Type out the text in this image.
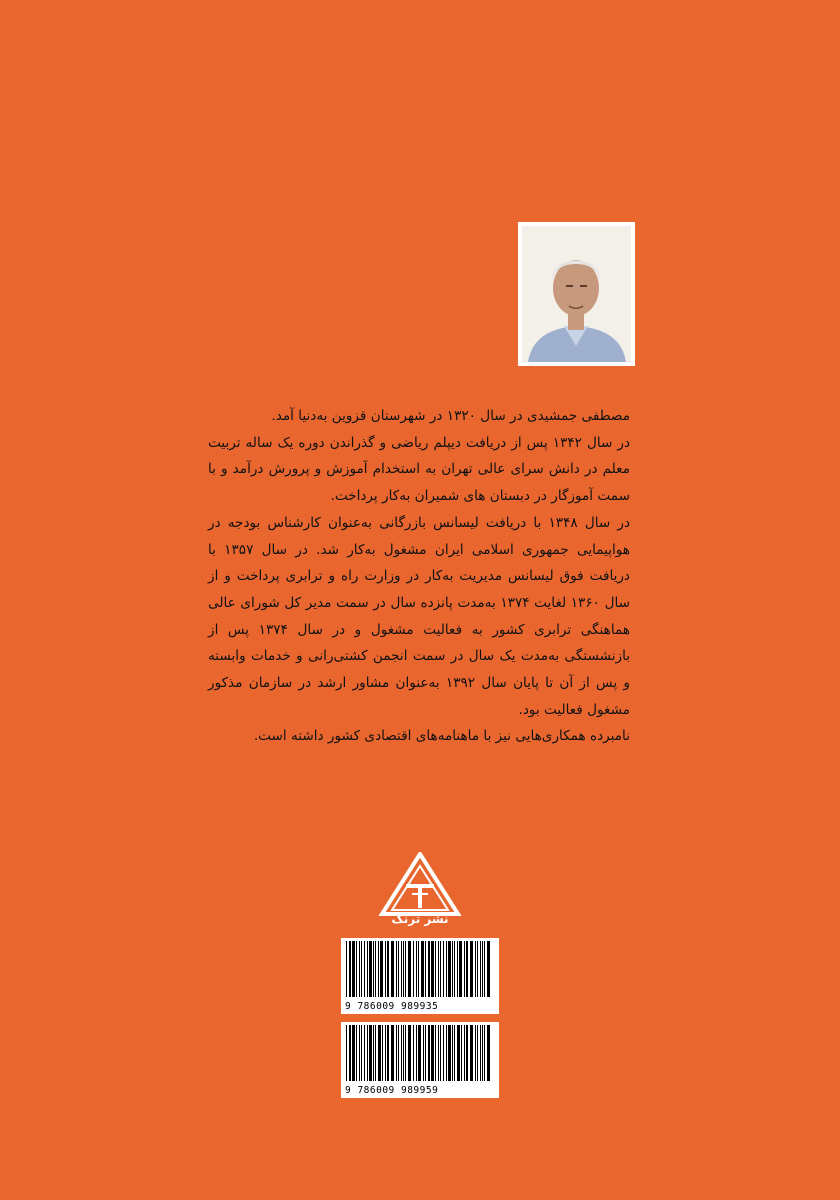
مصطفی جمشیدی در سال ۱۳۲۰ در شهرستان قزوین به‌دنیا آمد.

در سال ۱۳۴۲ پس از دریافت دیپلم ریاضی و گذراندن دوره یک ساله تربیت معلم در دانش سرای عالی تهران به استخدام آموزش و پرورش درآمد و با سمت آموزگار در دبستان های شمیران به‌کار پرداخت.

در سال ۱۳۴۸ با دریافت لیسانس بازرگانی به‌عنوان کارشناس بودجه در هواپیمایی جمهوری اسلامی ایران مشغول به‌کار شد. در سال ۱۳۵۷ با دریافت فوق لیسانس مدیریت به‌کار در وزارت راه و ترابری پرداخت و از سال ۱۳۶۰ لغایت ۱۳۷۴ به‌مدت پانزده سال در سمت مدیر کل شورای عالی هماهنگی ترابری کشور به فعالیت مشغول و در سال ۱۳۷۴ پس از بازنشستگی به‌مدت یک سال در سمت انجمن کشتی‌رانی و خدمات وابسته و پس از آن تا پایان سال ۱۳۹۲ به‌عنوان مشاور ارشد در سازمان مذکور مشغول فعالیت بود.

نامبرده همکاری‌هایی نیز با ماهنامه‌های اقتصادی کشور داشته است.

نشر ترنگ
9 786009 989935
9 786009 989959
